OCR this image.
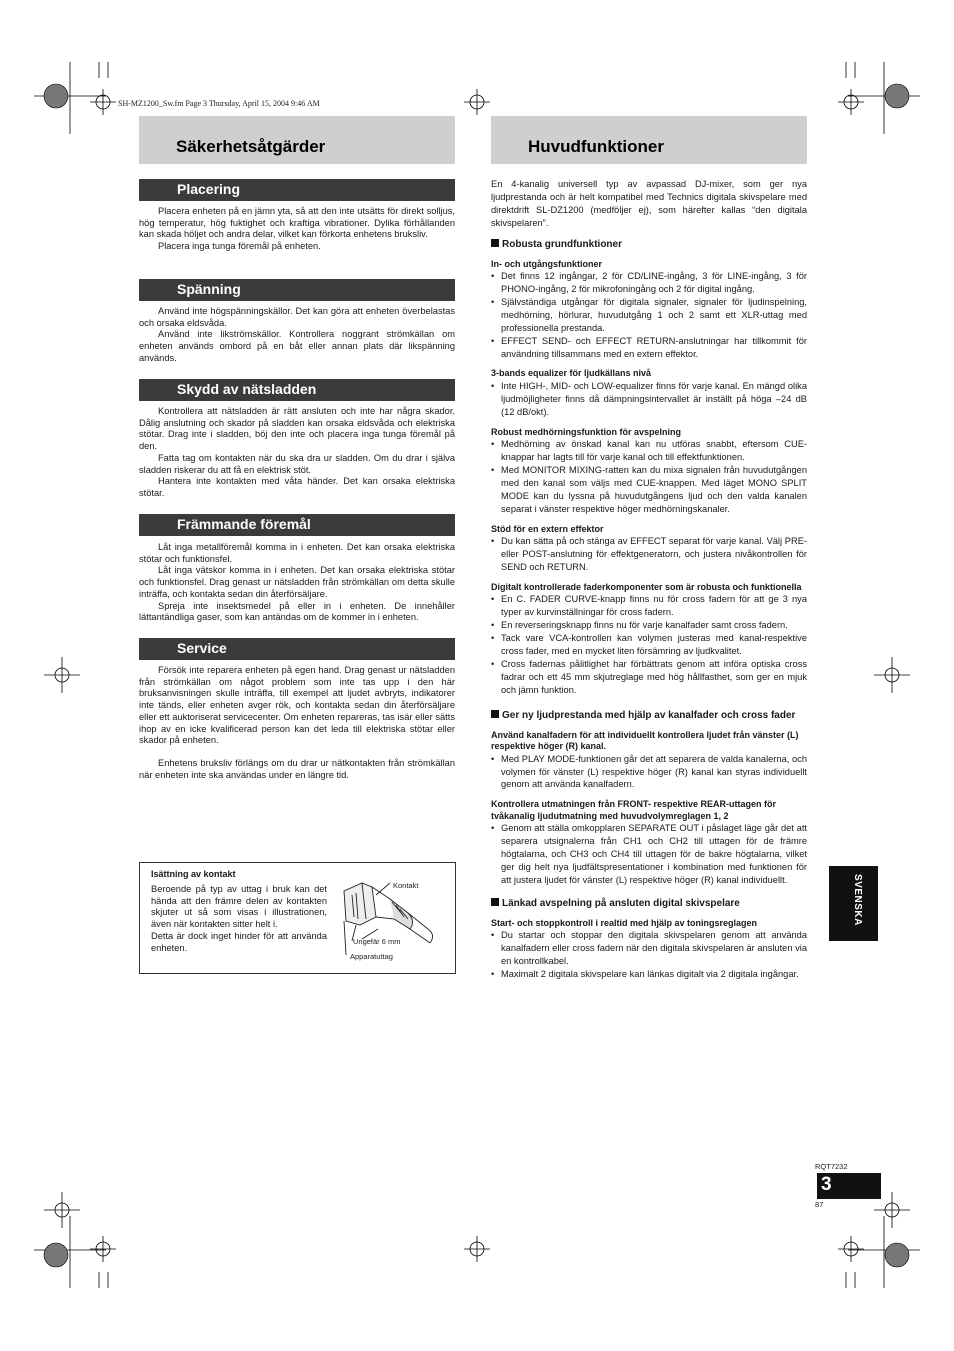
SH-MZ1200_Sw.fm Page 3 Thursday, April 15, 2004 9:46 AM
Säkerhetsåtgärder
Placering

Placera enheten på en jämn yta, så att den inte utsätts för direkt solljus, hög temperatur, hög fuktighet och kraftiga vibrationer. Dylika förhållanden kan skada höljet och andra delar, vilket kan förkorta enhetens bruksliv.

Placera inga tunga föremål på enheten.

Spänning

Använd inte högspänningskällor. Det kan göra att enheten överbelastas och orsaka eldsvåda.

Använd inte likströmskällor. Kontrollera noggrant strömkällan om enheten används ombord på en båt eller annan plats där likspänning används.

Skydd av nätsladden

Kontrollera att nätsladden är rätt ansluten och inte har några skador. Dålig anslutning och skador på sladden kan orsaka eldsvåda och elektriska stötar. Drag inte i sladden, böj den inte och placera inga tunga föremål på den.

Fatta tag om kontakten när du ska dra ur sladden. Om du drar i själva sladden riskerar du att få en elektrisk stöt.

Hantera inte kontakten med våta händer. Det kan orsaka elektriska stötar.

Främmande föremål

Låt inga metallföremål komma in i enheten. Det kan orsaka elektriska stötar och funktionsfel.

Låt inga vätskor komma in i enheten. Det kan orsaka elektriska stötar och funktionsfel. Drag genast ur nätsladden från strömkällan om detta skulle inträffa, och kontakta sedan din återförsäljare.

Spreja inte insektsmedel på eller in i enheten. De innehåller lättantändliga gaser, som kan antändas om de kommer in i enheten.

Service

Försök inte reparera enheten på egen hand. Drag genast ur nätsladden från strömkällan om något problem som inte tas upp i den här bruksanvisningen skulle inträffa, till exempel att ljudet avbryts, indikatorer inte tänds, eller enheten avger rök, och kontakta sedan din återförsäljare eller ett auktoriserat servicecenter. Om enheten repareras, tas isär eller sätts ihop av en icke kvalificerad person kan det leda till elektriska stötar eller skador på enheten.

Enhetens bruksliv förlängs om du drar ur nätkontakten från strömkällan när enheten inte ska användas under en längre tid.

Isättning av kontakt
Beroende på typ av uttag i bruk kan det hända att den främre delen av kontakten skjuter ut så som visas i illustrationen, även när kontakten sitter helt i.
Detta är dock inget hinder för att använda enheten.
Kontakt
Ungefär 6 mm
Apparatuttag
Huvudfunktioner
En 4-kanalig universell typ av avpassad DJ-mixer, som ger nya ljudprestanda och är helt kompatibel med Technics digitala skivspelare med direktdrift SL-DZ1200 (medföljer ej), som härefter kallas “den digitala skivspelaren”.
Robusta grundfunktioner
In- och utgångsfunktioner
• Det finns 12 ingångar, 2 för CD/LINE-ingång, 3 för LINE-ingång, 3 för PHONO-ingång, 2 för mikrofoningång och 2 för digital ingång.
• Självständiga utgångar för digitala signaler, signaler för ljudinspelning, medhörning, hörlurar, huvudutgång 1 och 2 samt ett XLR-uttag med professionella prestanda.
• EFFECT SEND- och EFFECT RETURN-anslutningar har tillkommit för användning tillsammans med en extern effektor.
3-bands equalizer för ljudkällans nivå
• Inte HIGH-, MID- och LOW-equalizer finns för varje kanal. En mängd olika ljudmöjligheter finns då dämpningsintervallet är inställt på höga –24 dB (12 dB/okt).
Robust medhörningsfunktion för avspelning
• Medhörning av önskad kanal kan nu utföras snabbt, eftersom CUE-knappar har lagts till för varje kanal och till effektfunktionen.
• Med MONITOR MIXING-ratten kan du mixa signalen från huvudutgången med den kanal som väljs med CUE-knappen. Med läget MONO SPLIT MODE kan du lyssna på huvudutgångens ljud och den valda kanalen separat i vänster respektive höger medhörningskanaler.
Stöd för en extern effektor
• Du kan sätta på och stänga av EFFECT separat för varje kanal. Välj PRE- eller POST-anslutning för effektgeneratorn, och justera nivåkontrollen för SEND och RETURN.
Digitalt kontrollerade faderkomponenter som är robusta och funktionella
• En C. FADER CURVE-knapp finns nu för cross fadern för att ge 3 nya typer av kurvinställningar för cross fadern.
• En reverseringsknapp finns nu för varje kanalfader samt cross fadern.
• Tack vare VCA-kontrollen kan volymen justeras med kanal-respektive cross fader, med en mycket liten försämring av ljudkvalitet.
• Cross fadernas pålitlighet har förbättrats genom att införa optiska cross fadrar och ett 45 mm skjutreglage med hög hållfasthet, som ger en mjuk och jämn funktion.
Ger ny ljudprestanda med hjälp av kanalfader och cross fader
Använd kanalfadern för att individuellt kontrollera ljudet från vänster (L) respektive höger (R) kanal.
• Med PLAY MODE-funktionen går det att separera de valda kanalerna, och volymen för vänster (L) respektive höger (R) kanal kan styras individuellt genom att använda kanalfadern.
Kontrollera utmatningen från FRONT- respektive REAR-uttagen för tvåkanalig ljudutmatning med huvudvolymreglagen 1, 2
• Genom att ställa omkopplaren SEPARATE OUT i påslaget läge går det att separera utsignalerna från CH1 och CH2 till uttagen för de främre högtalarna, och CH3 och CH4 till uttagen för de bakre högtalarna, vilket ger dig helt nya ljudfältspresentationer i kombination med funktionen för att justera ljudet för vänster (L) respektive höger (R) kanal individuellt.
Länkad avspelning på ansluten digital skivspelare
Start- och stoppkontroll i realtid med hjälp av toningsreglagen
• Du startar och stoppar den digitala skivspelaren genom att använda kanalfadern eller cross fadern när den digitala skivspelaren är ansluten via en kontrollkabel.
• Maximalt 2 digitala skivspelare kan länkas digitalt via 2 digitala ingångar.
SVENSKA
RQT7232
3
87
